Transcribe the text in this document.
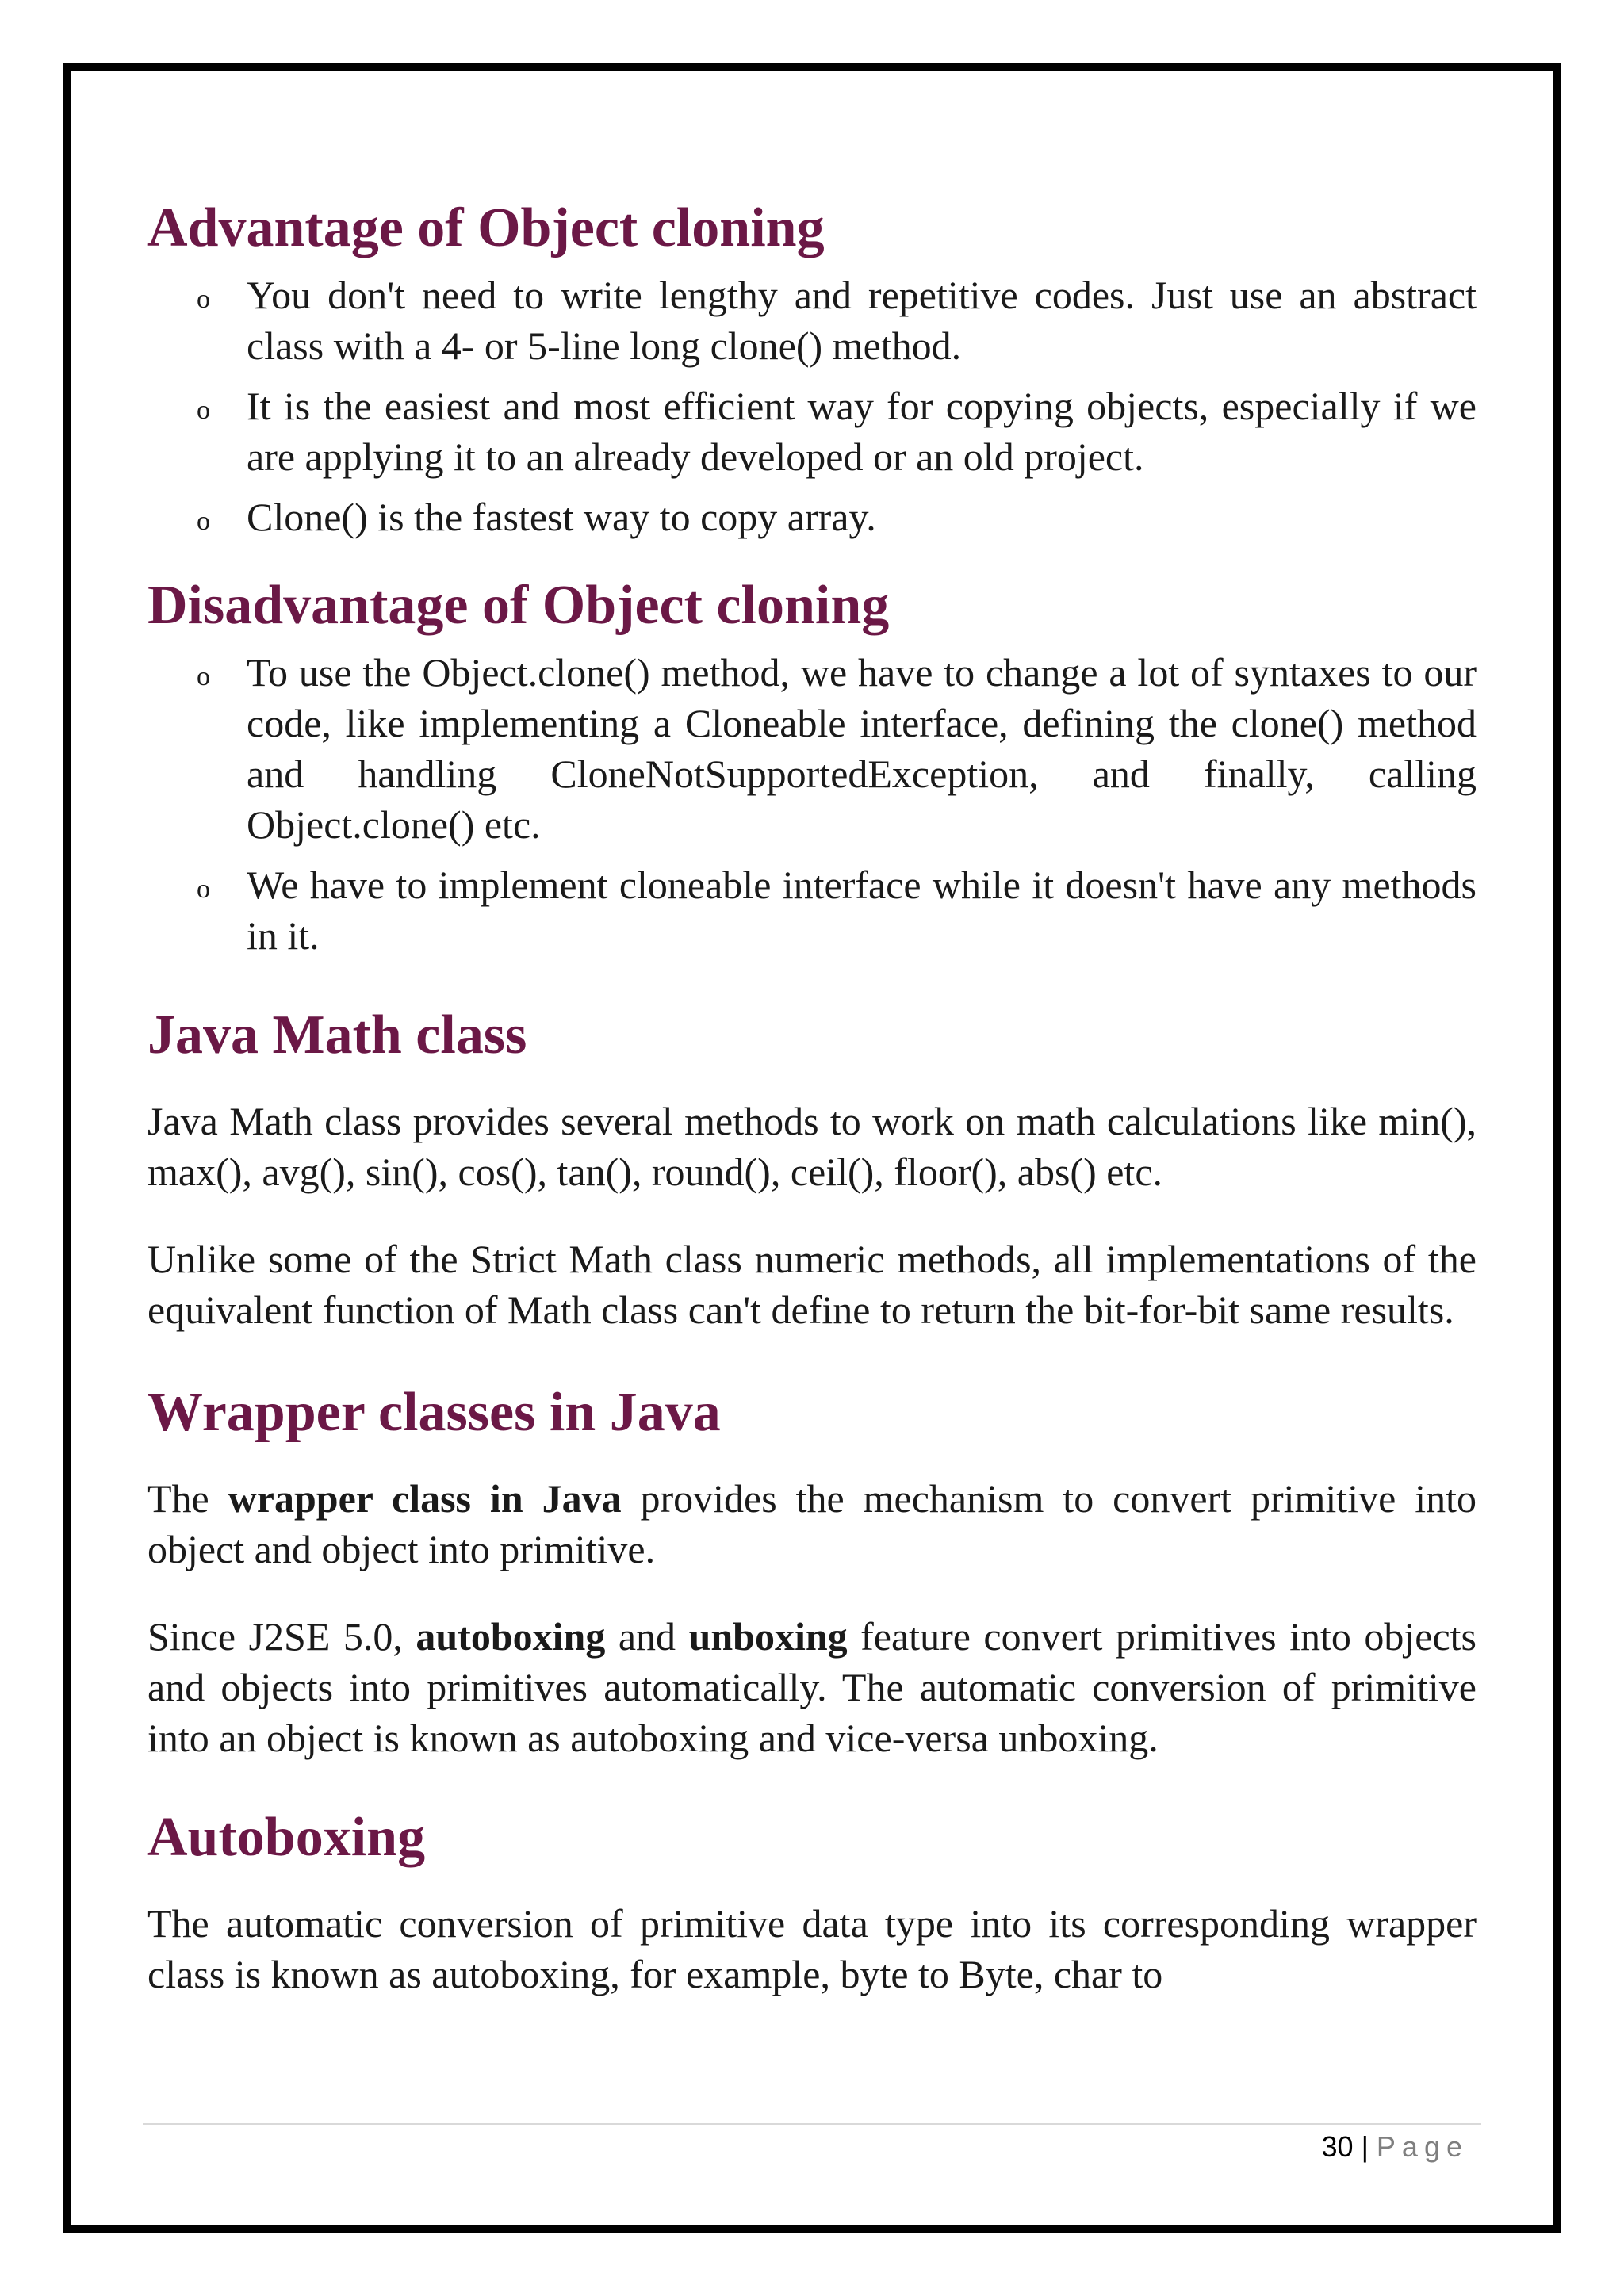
Advantage of Object cloning
o You don't need to write lengthy and repetitive codes. Just use an abstract class with a 4- or 5-line long clone() method.
o It is the easiest and most efficient way for copying objects, especially if we are applying it to an already developed or an old project.
o Clone() is the fastest way to copy array.
Disadvantage of Object cloning
o To use the Object.clone() method, we have to change a lot of syntaxes to our code, like implementing a Cloneable interface, defining the clone() method and handling CloneNotSupportedException, and finally, calling Object.clone() etc.
o We have to implement cloneable interface while it doesn't have any methods in it.
Java Math class

Java Math class provides several methods to work on math calculations like min(), max(), avg(), sin(), cos(), tan(), round(), ceil(), floor(), abs() etc.

Unlike some of the Strict Math class numeric methods, all implementations of the equivalent function of Math class can't define to return the bit-for-bit same results.

Wrapper classes in Java

The wrapper class in Java provides the mechanism to convert primitive into object and object into primitive.

Since J2SE 5.0, autoboxing and unboxing feature convert primitives into objects and objects into primitives automatically. The automatic conversion of primitive into an object is known as autoboxing and vice-versa unboxing.

Autoboxing

The automatic conversion of primitive data type into its corresponding wrapper class is known as autoboxing, for example, byte to Byte, char to

30 | Page
